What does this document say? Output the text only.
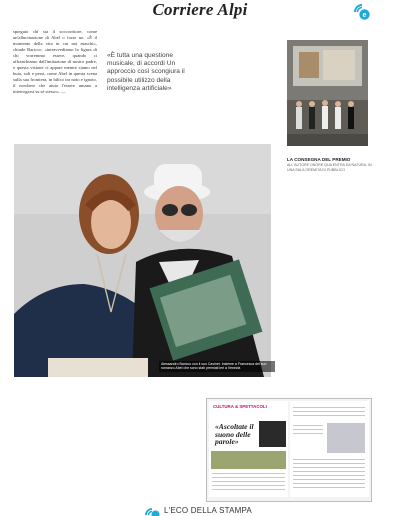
Corriere Alpi	e
spiegato chi sia il soccorritore, come un'allucinazione di Abel o forse no. «È il momento della vita in cui noi maschi», chiude Baricco, «intravvediamo la figura di chi vorremmo essere, quando ci affranchiamo dall'imitazione di nostro padre, e questa visione ci appare mentre siamo nel buio, soli e persi, come Abel in questa scena sulla sua frontiera, in bilico tra noto e ignoto, il nowhere che aiuta l'essere umano a interrogarsi su sé stesso». —
«È tutta una questione musicale, di accordi Un approccio così scongiura il possibile utilizzo della intelligenza artificiale»
Alessandro Baricco con il suo Cavinet. Insieme a Francesca del suo romanzo Abel che sono stati premiati ieri a Venezia
LA CONSEGNA DEL PREMIO
ALL'AUTORE ONORE QUA ENTRA DA NATURA, IN UNA SALA GREMITA DI PUBBLICO
CULTURA & SPETTACOLI
«Ascoltate il suono delle parole»
L'ECO DELLA STAMPA
